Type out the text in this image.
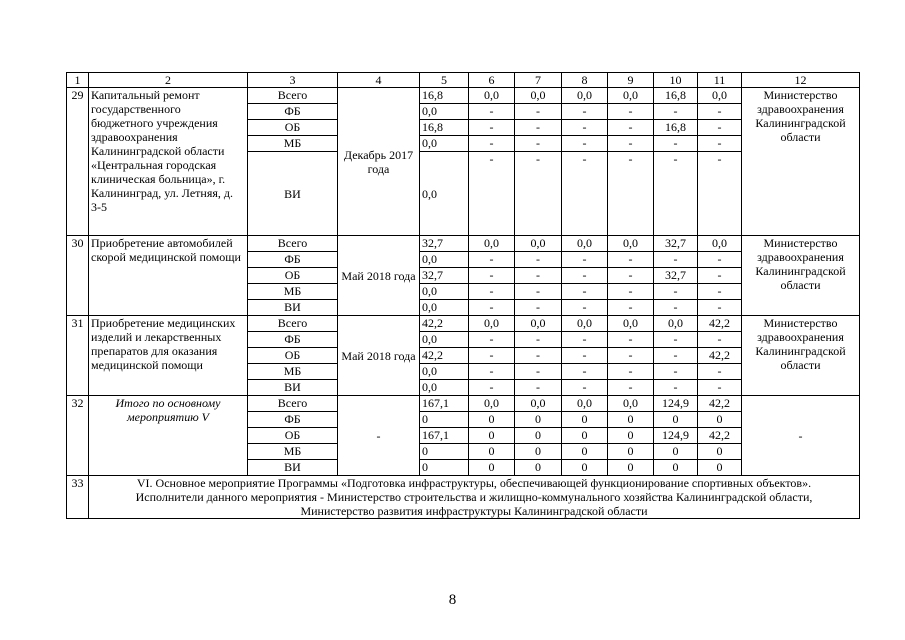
1	2	3	4	5	6	7	8	9	10	11	12
29	Капитальный ремонт государственного бюджетного учреждения здравоохранения Калининградской области «Центральная городская клиническая больница», г. Калининград, ул. Летняя, д. 3-5	Всего	Декабрь 2017 года	16,8	0,0	0,0	0,0	0,0	16,8	0,0	Министерство здравоохранения Калининградской области
		ФБ		0,0	-	-	-	-	-	-	
		ОБ		16,8	-	-	-	-	16,8	-	
		МБ		0,0	-	-	-	-	-	-	
		ВИ		0,0	-	-	-	-	-	-	
30	Приобретение автомобилей скорой медицинской помощи	Всего	Май 2018 года	32,7	0,0	0,0	0,0	0,0	32,7	0,0	Министерство здравоохранения Калининградской области
		ФБ		0,0	-	-	-	-	-	-	
		ОБ		32,7	-	-	-	-	32,7	-	
		МБ		0,0	-	-	-	-	-	-	
		ВИ		0,0	-	-	-	-	-	-	
31	Приобретение медицинских изделий и лекарственных препаратов для оказания медицинской помощи	Всего	Май 2018 года	42,2	0,0	0,0	0,0	0,0	0,0	42,2	Министерство здравоохранения Калининградской области
		ФБ		0,0	-	-	-	-	-	-	
		ОБ		42,2	-	-	-	-	-	42,2	
		МБ		0,0	-	-	-	-	-	-	
		ВИ		0,0	-	-	-	-	-	-	
32	Итого по основному мероприятию V	Всего	-	167,1	0,0	0,0	0,0	0,0	124,9	42,2	-
		ФБ		0	0	0	0	0	0	0	
		ОБ		167,1	0	0	0	0	124,9	42,2	
		МБ		0	0	0	0	0	0	0	
		ВИ		0	0	0	0	0	0	0	
33	VI. Основное мероприятие Программы «Подготовка инфраструктуры, обеспечивающей функционирование спортивных объектов».
Исполнители данного мероприятия - Министерство строительства и жилищно-коммунального хозяйства Калининградской области,
Министерство развития инфраструктуры Калининградской области										
8
